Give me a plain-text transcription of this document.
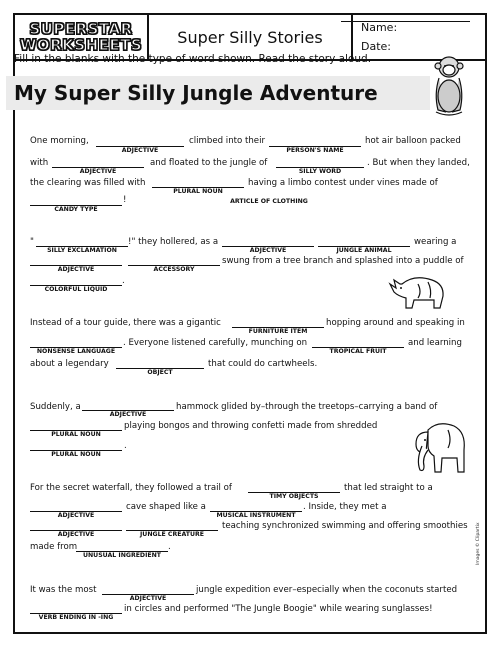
SUPERSTAR
WORKSHEETS	Super Silly Stories	Name:
Date:
Fill in the blanks with the type of word shown. Read the story aloud.
My Super Silly Jungle Adventure
One morning,
ADJECTIVE
climbed into their
PERSON'S NAME
hot air balloon packed
with
ADJECTIVE
and floated to the jungle of
SILLY WORD
. But when they landed,
the clearing was filled with
PLURAL NOUN
having a limbo contest under vines made of
CANDY TYPE
!	ARTICLE OF CLOTHING
"
SILLY EXCLAMATION
!" they hollered, as a
ADJECTIVE	JUNGLE ANIMAL
wearing a
ADJECTIVE	ACCESSORY
swung from a tree branch and splashed into a puddle of
COLORFUL LIQUID
.
Instead of a tour guide, there was a gigantic
FURNITURE ITEM
hopping around and speaking in
NONSENSE LANGUAGE
. Everyone listened carefully, munching on
TROPICAL FRUIT
and learning
about a legendary
OBJECT
that could do cartwheels.
Suddenly, a
ADJECTIVE
hammock glided by–through the treetops–carrying a band of
PLURAL NOUN
playing bongos and throwing confetti made from shredded
PLURAL NOUN
.
For the secret waterfall, they followed a trail of
TIMY OBJECTS
that led straight to a
ADJECTIVE
cave shaped like a
MUSICAL INSTRUMENT
. Inside, they met a
ADJECTIVE	JUNGLE CREATURE
teaching synchronized swimming and offering smoothies
made from
UNUSUAL INGREDIENT
.
It was the most
ADJECTIVE
jungle expedition ever–especially when the coconuts started
VERB ENDING IN -ING
in circles and performed "The Jungle Boogie" while wearing sunglasses!
Images © Clipartix
